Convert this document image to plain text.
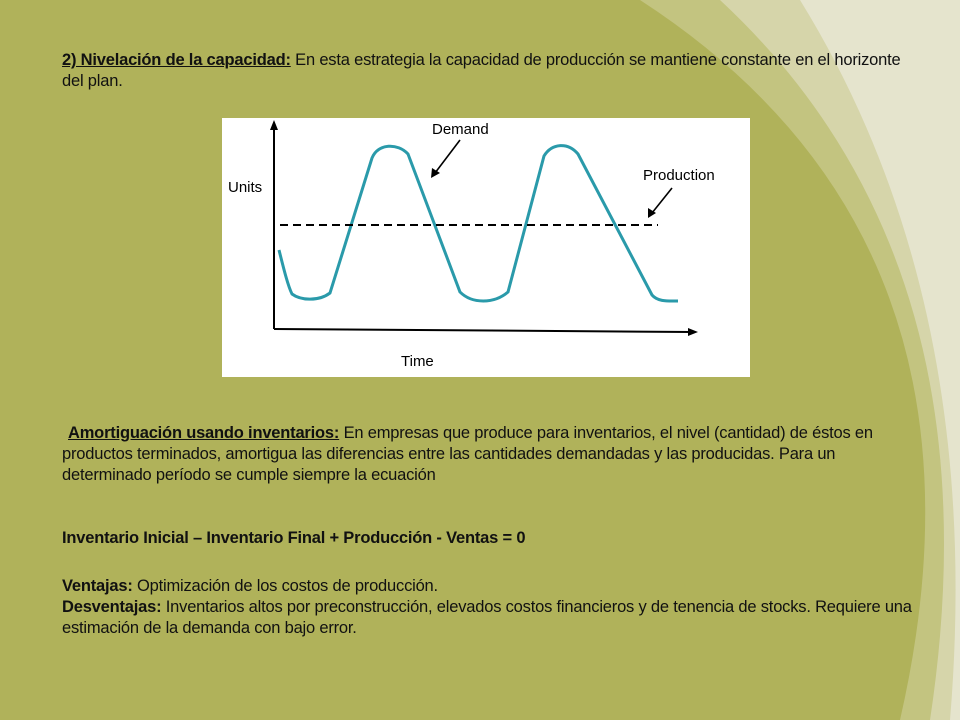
2) Nivelación de la capacidad: En esta estrategia la capacidad de producción se mantiene constante en el horizonte del plan.
Demand
Production
Units
Time
Amortiguación usando inventarios: En empresas que produce para inventarios, el nivel (cantidad) de éstos en productos terminados, amortigua las diferencias entre las cantidades demandadas y las producidas. Para un determinado período se cumple siempre la ecuación
Inventario Inicial – Inventario Final + Producción - Ventas = 0
Ventajas: Optimización de los costos de producción.
Desventajas: Inventarios altos por preconstrucción, elevados costos financieros y de tenencia de stocks. Requiere una estimación de la demanda con bajo error.
